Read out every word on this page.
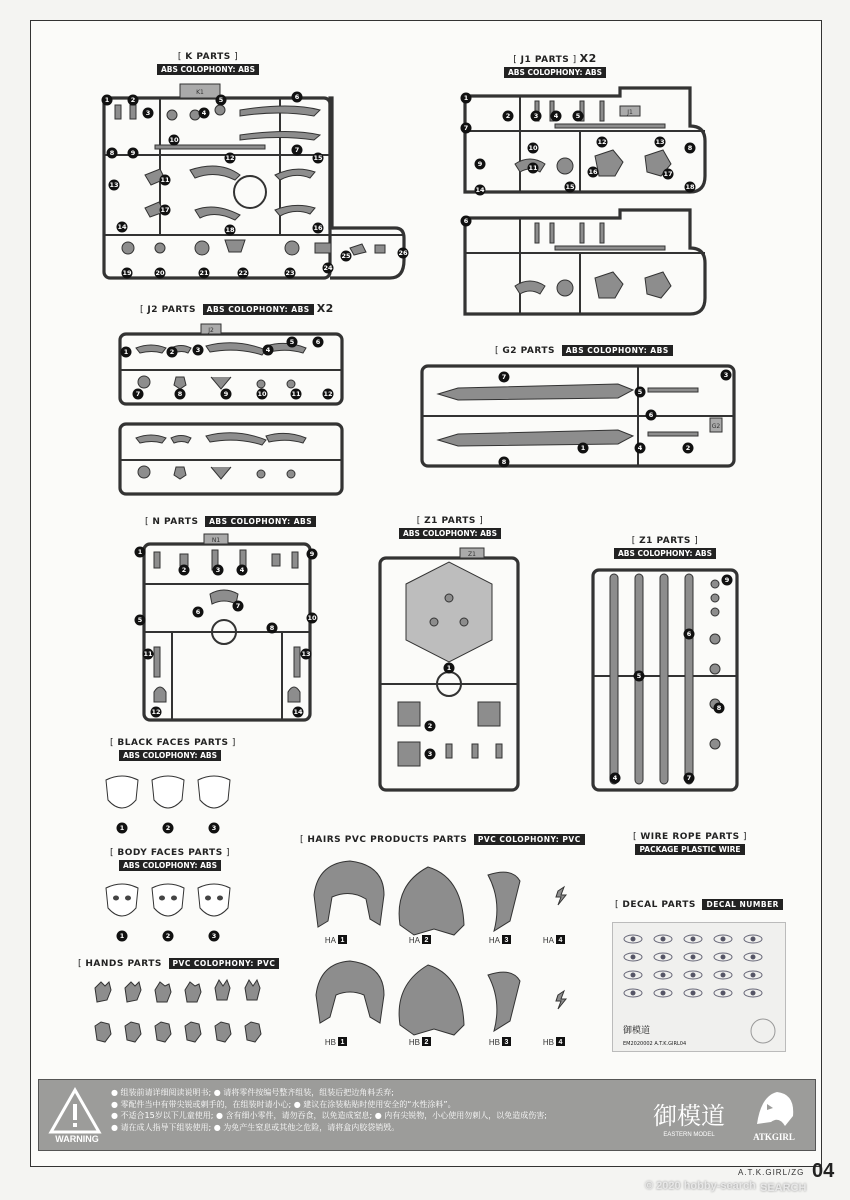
[ K PARTS ]
ABS COLOPHONY: ABS
K1
1	2
3	4
5	6
7
8	9
10
11
12
13
14
15
16
17
18
19	20	21	22	23
24
25	26
[ J1 PARTS ] X2
ABS COLOPHONY: ABS
J1
1
2	3 4	5
6
7
8
9
10
11
12	13
14	15
16	17
18
[ J2 PARTS ABS COLOPHONY: ABS X2
J2
1	2	3	4
5	6
7	8	9	10	11	12
[ G2 PARTS ABS COLOPHONY: ABS
G2
1	2
3
4
5
6
7
8
[ N PARTS ABS COLOPHONY: ABS
N1
1
2	3	4
5
6
7
8
9
10
11
12
13
14
[ Z1 PARTS ]
ABS COLOPHONY: ABS
Z1
1
2
3
[ Z1 PARTS ]
ABS COLOPHONY: ABS
4
5
6
7
8
9
[ BLACK FACES PARTS ]
ABS COLOPHONY: ABS
1	2	3
[ BODY FACES PARTS ]
ABS COLOPHONY: ABS
1	2	3
[ HANDS PARTS PVC COLOPHONY: PVC
[ HAIRS PVC PRODUCTS PARTS PVC COLOPHONY: PVC
HA 1	HA 2	HA 3	HA 4
HB 1	HB 2	HB 3	HB 4
[ WIRE ROPE PARTS ]
PACKAGE PLASTIC WIRE
[ DECAL PARTS DECAL NUMBER
御模道
EM2020002 A.T.K.GIRL04
WARNING
● 组装前请详细阅读说明书; ● 请将零件按编号整齐组装，组装后把边角料丢弃;
● 零配件当中有带尖锐或刺手的，在组装时请小心; ● 建议在涂装粘贴时使用安全的“水性涂料”。
● 不适合15岁以下儿童使用; ● 含有细小零件，请勿吞食，以免造成窒息; ● 内有尖锐物，小心使用勿刺人，以免造成伤害;
● 请在成人指导下组装使用; ● 为免产生窒息或其他之危险，请将盒内胶袋销毁。	御模道
EASTERN MODEL	ATKGIRL
A.T.K.GIRL/ZG 04
© 2020 hobby-search SEARCH
